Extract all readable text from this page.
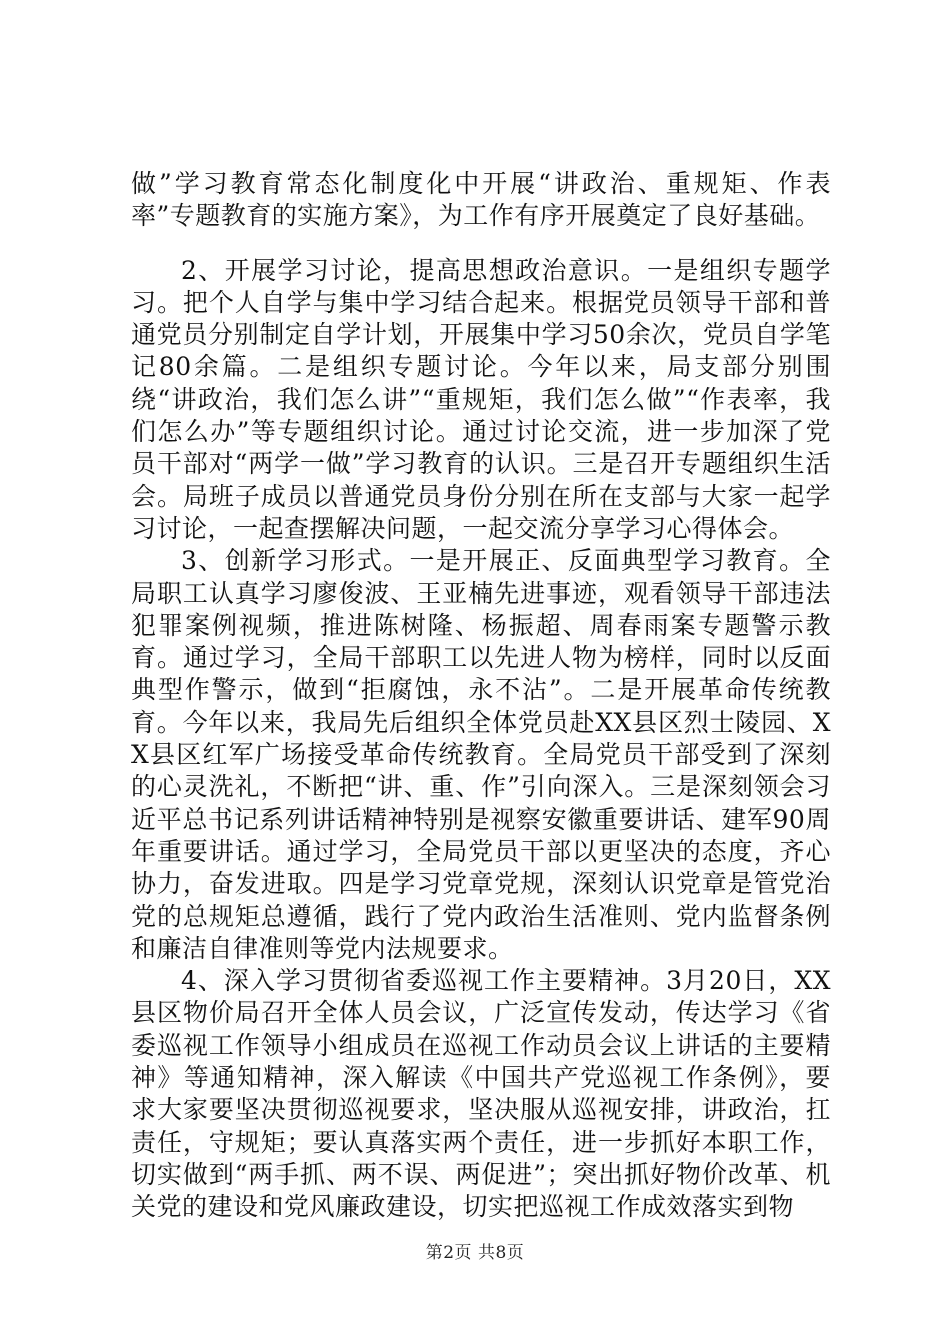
做”学习教育常态化制度化中开展“讲政治、重规矩、作表率”专题教育的实施方案》，为工作有序开展奠定了良好基础。

2、开展学习讨论，提高思想政治意识。一是组织专题学习。把个人自学与集中学习结合起来。根据党员领导干部和普通党员分别制定自学计划，开展集中学习50余次，党员自学笔记80余篇。二是组织专题讨论。今年以来，局支部分别围绕“讲政治，我们怎么讲”“重规矩，我们怎么做”“作表率，我们怎么办”等专题组织讨论。通过讨论交流，进一步加深了党员干部对“两学一做”学习教育的认识。三是召开专题组织生活会。局班子成员以普通党员身份分别在所在支部与大家一起学习讨论，一起查摆解决问题，一起交流分享学习心得体会。

3、创新学习形式。一是开展正、反面典型学习教育。全局职工认真学习廖俊波、王亚楠先进事迹，观看领导干部违法犯罪案例视频，推进陈树隆、杨振超、周春雨案专题警示教育。通过学习，全局干部职工以先进人物为榜样，同时以反面典型作警示，做到“拒腐蚀，永不沾”。二是开展革命传统教育。今年以来，我局先后组织全体党员赴XX县区烈士陵园、XX县区红军广场接受革命传统教育。全局党员干部受到了深刻的心灵洗礼，不断把“讲、重、作”引向深入。三是深刻领会习近平总书记系列讲话精神特别是视察安徽重要讲话、建军90周年重要讲话。通过学习，全局党员干部以更坚决的态度，齐心协力，奋发进取。四是学习党章党规，深刻认识党章是管党治党的总规矩总遵循，践行了党内政治生活准则、党内监督条例和廉洁自律准则等党内法规要求。

4、深入学习贯彻省委巡视工作主要精神。3月20日，XX县区物价局召开全体人员会议，广泛宣传发动，传达学习《省委巡视工作领导小组成员在巡视工作动员会议上讲话的主要精神》等通知精神，深入解读《中国共产党巡视工作条例》，要求大家要坚决贯彻巡视要求，坚决服从巡视安排，讲政治，扛责任，守规矩；要认真落实两个责任，进一步抓好本职工作，切实做到“两手抓、两不误、两促进”；突出抓好物价改革、机关党的建设和党风廉政建设，切实把巡视工作成效落实到物

第2页 共8页
